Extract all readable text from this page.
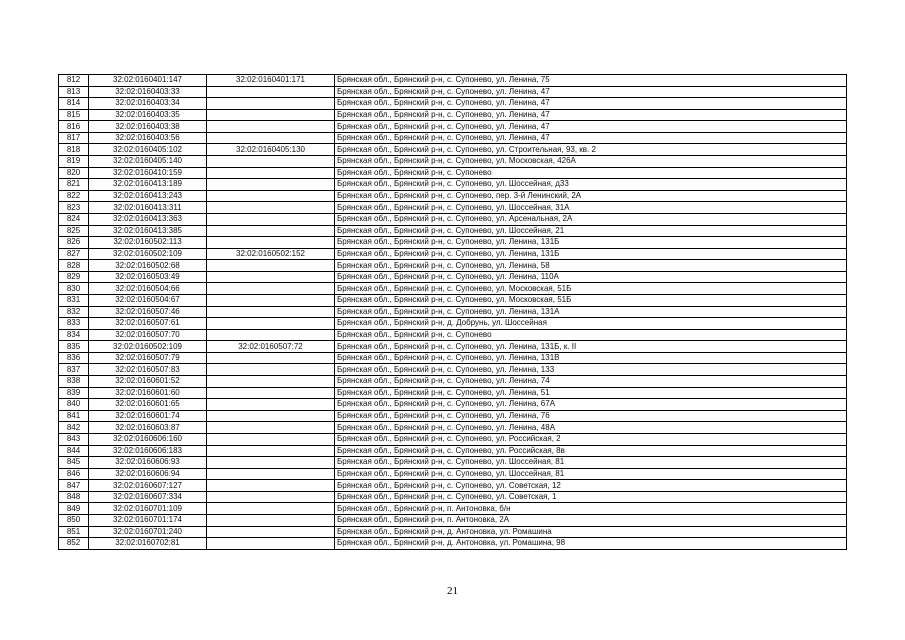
812	32:02:0160401:147	32:02:0160401:171	Брянская обл., Брянский р-н, с. Супонево, ул. Ленина, 75
813	32:02:0160403:33		Брянская обл., Брянский р-н, с. Супонево, ул. Ленина, 47
814	32:02:0160403:34		Брянская обл., Брянский р-н, с. Супонево, ул. Ленина, 47
815	32:02:0160403:35		Брянская обл., Брянский р-н, с. Супонево, ул. Ленина, 47
816	32:02:0160403:38		Брянская обл., Брянский р-н, с. Супонево, ул. Ленина, 47
817	32:02:0160403:56		Брянская обл., Брянский р-н, с. Супонево, ул. Ленина, 47
818	32:02:0160405:102	32:02:0160405:130	Брянская обл., Брянский р-н, с. Супонево, ул. Строительная, 93, кв. 2
819	32:02:0160405:140		Брянская обл., Брянский р-н, с. Супонево, ул. Московская, 426А
820	32:02:0160410:159		Брянская обл., Брянский р-н, с. Супонево
821	32:02:0160413:189		Брянская обл., Брянский р-н, с. Супонево, ул. Шоссейная, д33
822	32:02:0160413:243		Брянская обл., Брянский р-н, с. Супонево, пер. 3-й Ленинский, 2А
823	32:02:0160413:311		Брянская обл., Брянский р-н, с. Супонево, ул. Шоссейная, 31А
824	32:02:0160413:363		Брянская обл., Брянский р-н, с. Супонево, ул. Арсенальная, 2А
825	32:02:0160413:385		Брянская обл., Брянский р-н, с. Супонево, ул. Шоссейная, 21
826	32:02:0160502:113		Брянская обл., Брянский р-н, с. Супонево, ул. Ленина, 131Б
827	32:02:0160502:109	32:02:0160502:152	Брянская обл., Брянский р-н, с. Супонево, ул. Ленина, 131Б
828	32:02:0160502:68		Брянская обл., Брянский р-н, с. Супонево, ул. Ленина, 58
829	32:02:0160503:49		Брянская обл., Брянский р-н, с. Супонево, ул. Ленина, 110А
830	32:02:0160504:66		Брянская обл., Брянский р-н, с. Супонево, ул. Московская, 51Б
831	32:02:0160504:67		Брянская обл., Брянский р-н, с. Супонево, ул. Московская, 51Б
832	32:02:0160507:46		Брянская обл., Брянский р-н, с. Супонево, ул. Ленина, 131А
833	32:02:0160507:61		Брянская обл., Брянский р-н, д. Добрунь, ул. Шоссейная
834	32:02:0160507:70		Брянская обл., Брянский р-н, с. Супонево
835	32:02:0160502:109	32:02:0160507:72	Брянская обл., Брянский р-н, с. Супонево, ул. Ленина, 131Б, к. II
836	32:02:0160507:79		Брянская обл., Брянский р-н, с. Супонево, ул. Ленина, 131В
837	32:02:0160507:83		Брянская обл., Брянский р-н, с. Супонево, ул. Ленина, 133
838	32:02:0160601:52		Брянская обл., Брянский р-н, с. Супонево, ул. Ленина, 74
839	32:02:0160601:60		Брянская обл., Брянский р-н, с. Супонево, ул. Ленина, 51
840	32:02:0160601:65		Брянская обл., Брянский р-н, с. Супонево, ул. Ленина, 67А
841	32:02:0160601:74		Брянская обл., Брянский р-н, с. Супонево, ул. Ленина, 76
842	32:02:0160603:87		Брянская обл., Брянский р-н, с. Супонево, ул. Ленина, 48А
843	32:02:0160606:160		Брянская обл., Брянский р-н, с. Супонево, ул. Российская, 2
844	32:02:0160606:183		Брянская обл., Брянский р-н, с. Супонево, ул. Российская, 8в
845	32:02:0160606:93		Брянская обл., Брянский р-н, с. Супонево, ул. Шоссейная, 81
846	32:02:0160606:94		Брянская обл., Брянский р-н, с. Супонево, ул. Шоссейная, 81
847	32:02:0160607:127		Брянская обл., Брянский р-н, с. Супонево, ул. Советская, 12
848	32:02:0160607:334		Брянская обл., Брянский р-н, с. Супонево, ул. Советская, 1
849	32:02:0160701:109		Брянская обл., Брянский р-н, п. Антоновка, б/н
850	32:02:0160701:174		Брянская обл., Брянский р-н, п. Антоновка, 2А
851	32:02:0160701:240		Брянская обл., Брянский р-н, д. Антоновка, ул. Ромашина
852	32:02:0160702:81		Брянская обл., Брянский р-н, д. Антоновка, ул. Ромашина, 98
21
